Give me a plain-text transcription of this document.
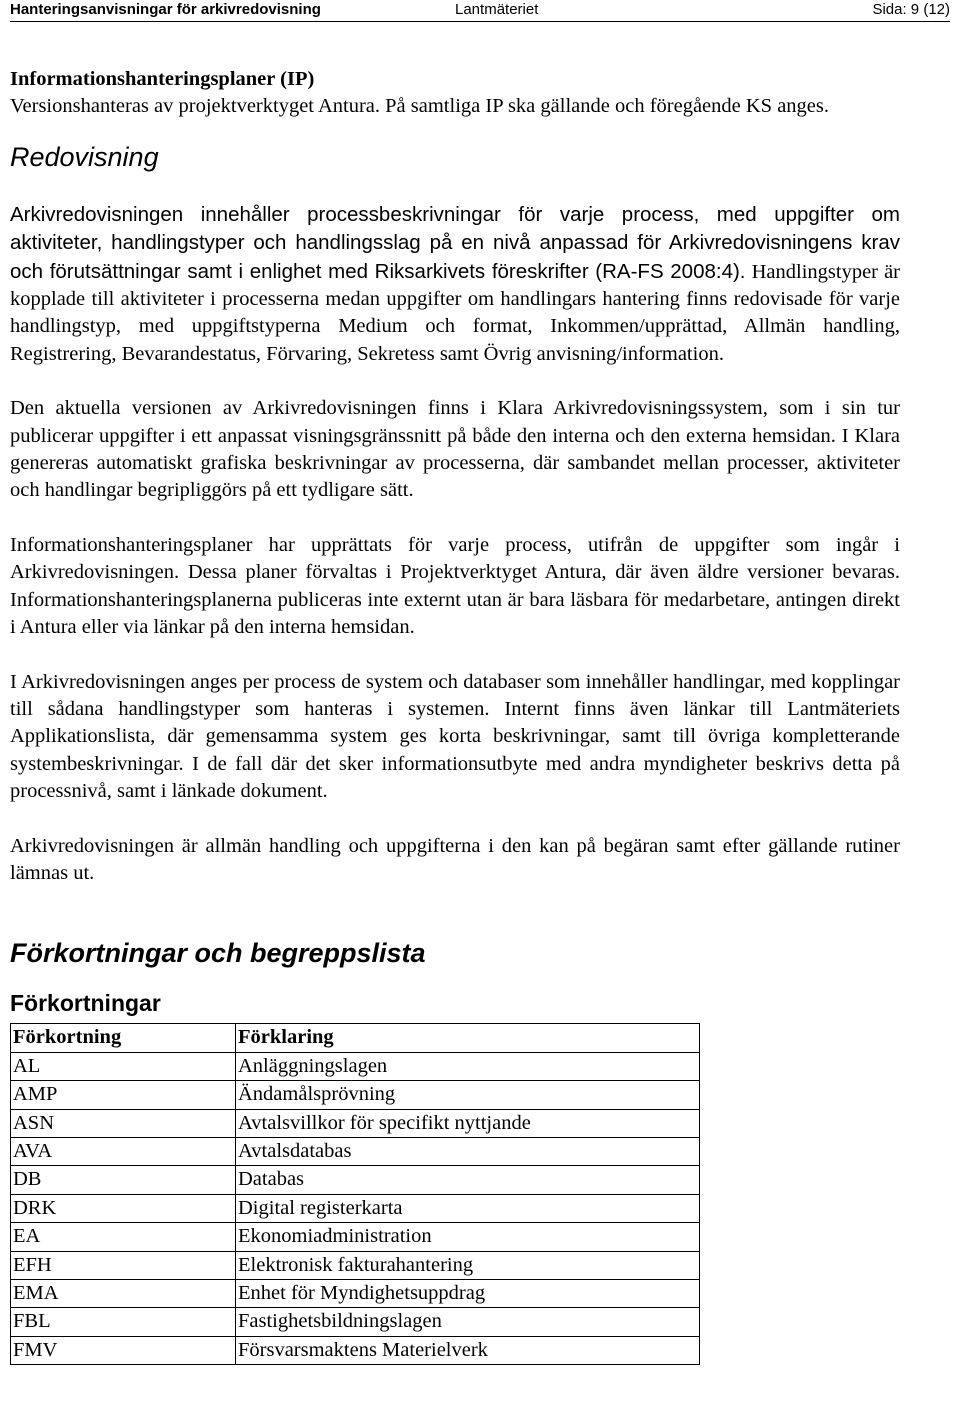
Hanteringsanvisningar för arkivredovisning	Lantmäteriet	Sida: 9 (12)

Informationshanteringsplaner (IP)

Versionshanteras av projektverktyget Antura. På samtliga IP ska gällande och föregående KS anges.

Redovisning

Arkivredovisningen innehåller processbeskrivningar för varje process, med uppgifter om aktiviteter, handlingstyper och handlingsslag på en nivå anpassad för Arkivredovisningens krav och förutsättningar samt i enlighet med Riksarkivets föreskrifter (RA-FS 2008:4). Handlingstyper är kopplade till aktiviteter i processerna medan uppgifter om handlingars hantering finns redovisade för varje handlingstyp, med uppgiftstyperna Medium och format, Inkommen/upprättad, Allmän handling, Registrering, Bevarandestatus, Förvaring, Sekretess samt Övrig anvisning/information.

Den aktuella versionen av Arkivredovisningen finns i Klara Arkivredovisningssystem, som i sin tur publicerar uppgifter i ett anpassat visningsgränssnitt på både den interna och den externa hemsidan. I Klara genereras automatiskt grafiska beskrivningar av processerna, där sambandet mellan processer, aktiviteter och handlingar begripliggörs på ett tydligare sätt.

Informationshanteringsplaner har upprättats för varje process, utifrån de uppgifter som ingår i Arkivredovisningen. Dessa planer förvaltas i Projektverktyget Antura, där även äldre versioner bevaras. Informationshanteringsplanerna publiceras inte externt utan är bara läsbara för medarbetare, antingen direkt i Antura eller via länkar på den interna hemsidan.

I Arkivredovisningen anges per process de system och databaser som innehåller handlingar, med kopplingar till sådana handlingstyper som hanteras i systemen. Internt finns även länkar till Lantmäteriets Applikationslista, där gemensamma system ges korta beskrivningar, samt till övriga kompletterande systembeskrivningar. I de fall där det sker informationsutbyte med andra myndigheter beskrivs detta på processnivå, samt i länkade dokument.

Arkivredovisningen är allmän handling och uppgifterna i den kan på begäran samt efter gällande rutiner lämnas ut.

Förkortningar och begreppslista
Förkortningar
Förkortning	Förklaring
AL	Anläggningslagen
AMP	Ändamålsprövning
ASN	Avtalsvillkor för specifikt nyttjande
AVA	Avtalsdatabas
DB	Databas
DRK	Digital registerkarta
EA	Ekonomiadministration
EFH	Elektronisk fakturahantering
EMA	Enhet för Myndighetsuppdrag
FBL	Fastighetsbildningslagen
FMV	Försvarsmaktens Materielverk
